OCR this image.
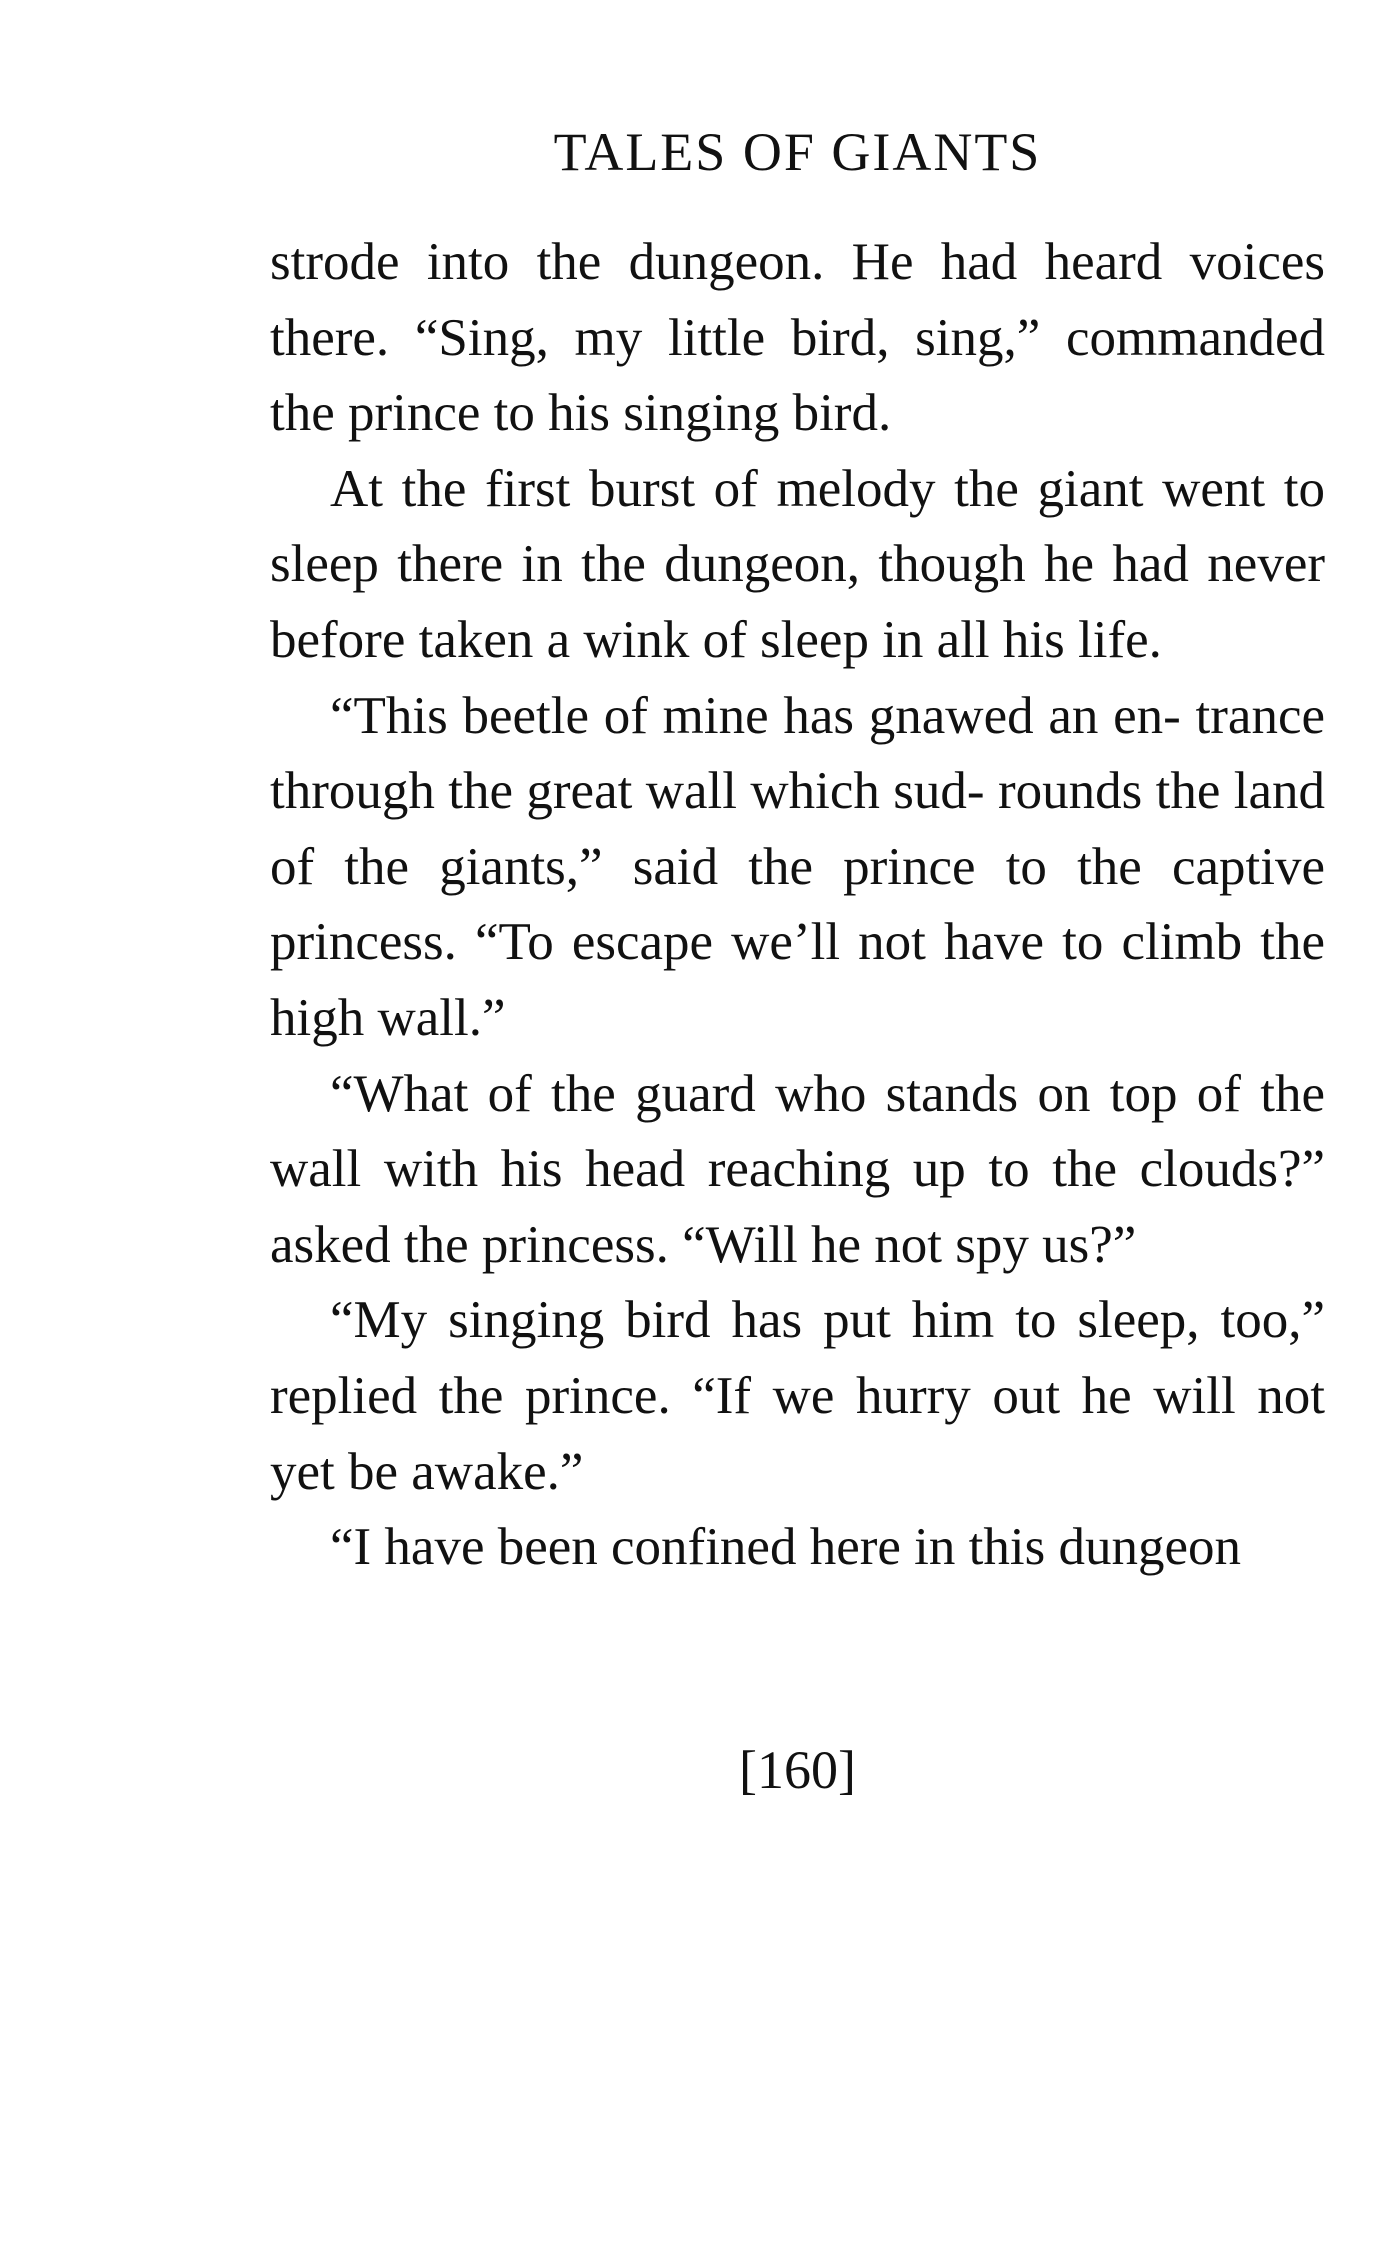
TALES OF GIANTS

strode into the dungeon. He had heard voices there. “Sing, my little bird, sing,” commanded the prince to his singing bird.

At the first burst of melody the giant went to sleep there in the dungeon, though he had never before taken a wink of sleep in all his life.

“This beetle of mine has gnawed an en- trance through the great wall which sud- rounds the land of the giants,” said the prince to the captive princess. “To escape we’ll not have to climb the high wall.”

“What of the guard who stands on top of the wall with his head reaching up to the clouds?” asked the princess. “Will he not spy us?”

“My singing bird has put him to sleep, too,” replied the prince. “If we hurry out he will not yet be awake.”

“I have been confined here in this dungeon

[160]
